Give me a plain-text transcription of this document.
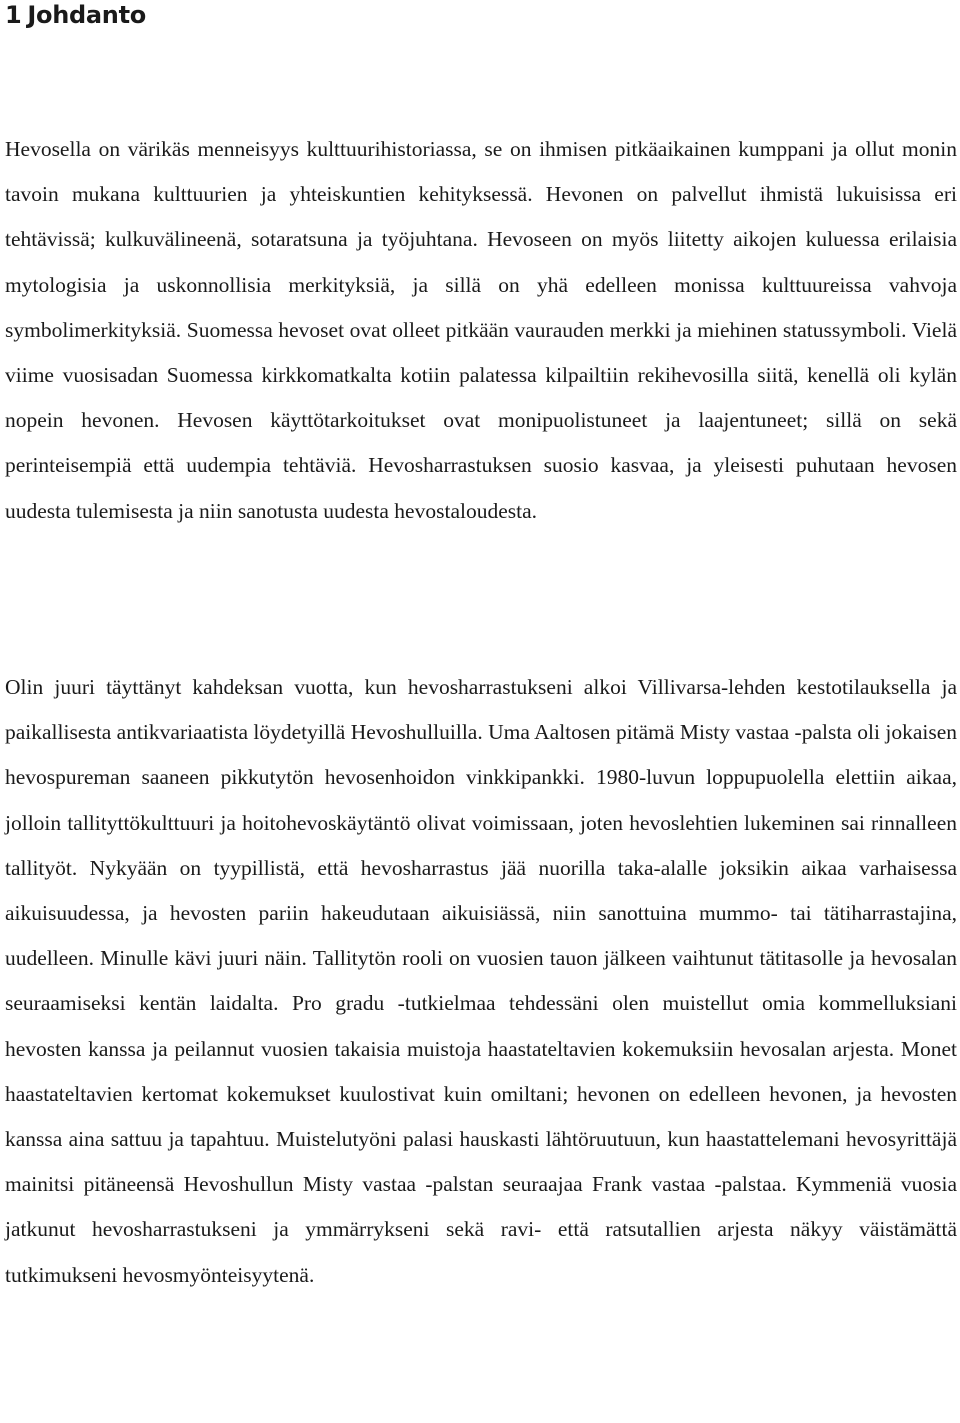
1 Johdanto

Hevosella on värikäs menneisyys kulttuurihistoriassa, se on ihmisen pitkäaikainen kumppani ja ollut monin tavoin mukana kulttuurien ja yhteiskuntien kehityksessä. Hevonen on palvellut ihmistä lukuisissa eri tehtävissä; kulkuvälineenä, sotaratsuna ja työjuhtana. Hevoseen on myös liitetty aikojen kuluessa erilaisia mytologisia ja uskonnollisia merkityksiä, ja sillä on yhä edelleen monissa kulttuureissa vahvoja symbolimerkityksiä. Suomessa hevoset ovat olleet pitkään vaurauden merkki ja miehinen statussymboli. Vielä viime vuosisadan Suomessa kirkkomatkalta kotiin palatessa kilpailtiin rekihevosilla siitä, kenellä oli kylän nopein hevonen. Hevosen käyttötarkoitukset ovat monipuolistuneet ja laajentuneet; sillä on sekä perinteisempiä että uudempia tehtäviä. Hevosharrastuksen suosio kasvaa, ja yleisesti puhutaan hevosen uudesta tulemisesta ja niin sanotusta uudesta hevostaloudesta.

Olin juuri täyttänyt kahdeksan vuotta, kun hevosharrastukseni alkoi Villivarsa-lehden kestotilauksella ja paikallisesta antikvariaatista löydetyillä Hevoshulluilla. Uma Aaltosen pitämä Misty vastaa -palsta oli jokaisen hevospureman saaneen pikkutytön hevosenhoidon vinkkipankki. 1980-luvun loppupuolella elettiin aikaa, jolloin tallityttökulttuuri ja hoitohevoskäytäntö olivat voimissaan, joten hevoslehtien lukeminen sai rinnalleen tallityöt. Nykyään on tyypillistä, että hevosharrastus jää nuorilla taka-alalle joksikin aikaa varhaisessa aikuisuudessa, ja hevosten pariin hakeudutaan aikuisiässä, niin sanottuina mummo- tai tätiharrastajina, uudelleen. Minulle kävi juuri näin. Tallitytön rooli on vuosien tauon jälkeen vaihtunut tätitasolle ja hevosalan seuraamiseksi kentän laidalta. Pro gradu -tutkielmaa tehdessäni olen muistellut omia kommelluksiani hevosten kanssa ja peilannut vuosien takaisia muistoja haastateltavien kokemuksiin hevosalan arjesta. Monet haastateltavien kertomat kokemukset kuulostivat kuin omiltani; hevonen on edelleen hevonen, ja hevosten kanssa aina sattuu ja tapahtuu. Muistelutyöni palasi hauskasti lähtöruutuun, kun haastattelemani hevosyrittäjä mainitsi pitäneensä Hevoshullun Misty vastaa -palstan seuraajaa Frank vastaa -palstaa. Kymmeniä vuosia jatkunut hevosharrastukseni ja ymmärrykseni sekä ravi- että ratsutallien arjesta näkyy väistämättä tutkimukseni hevosmyönteisyytenä.
